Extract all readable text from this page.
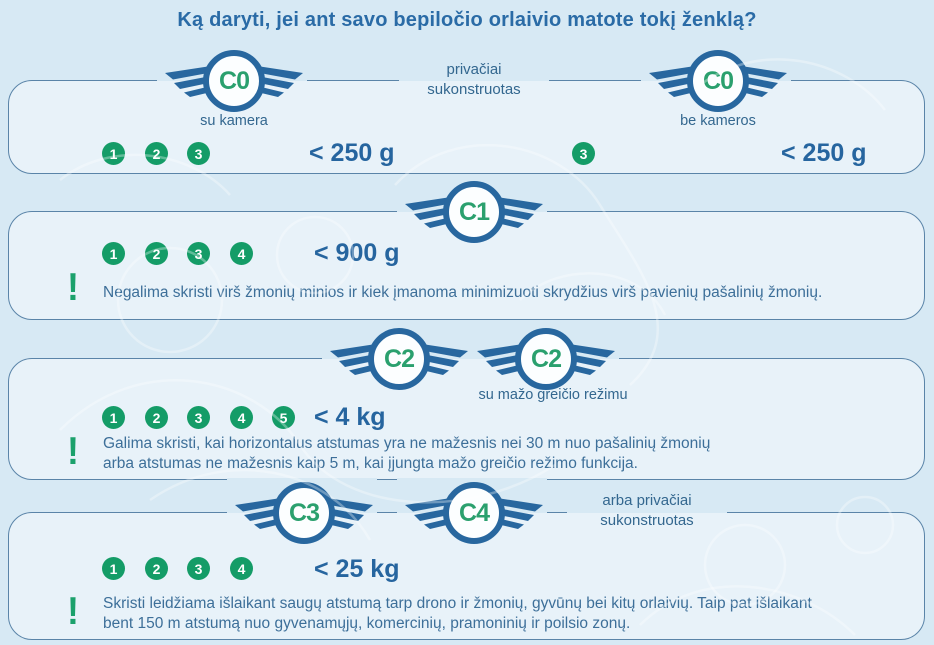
Ką daryti, jei ant savo bepiločio orlaivio matote tokį ženklą?
C0	privačiai sukonstruotas	C0
su kamera	be kameros
1	2	3	< 250 g	3	< 250 g
C1
1	2	3	4	< 900 g
! Negalima skristi virš žmonių minios ir kiek įmanoma minimizuoti skrydžius virš pavienių pašalinių žmonių.
C2	C2
su mažo greičio režimu
1	2	3	4	5	< 4 kg
! Galima skristi, kai horizontalus atstumas yra ne mažesnis nei 30 m nuo pašalinių žmonių
arba atstumas ne mažesnis kaip 5 m, kai įjungta mažo greičio režimo funkcija.
C3	C4	arba privačiai sukonstruotas
1	2	3	4	< 25 kg
! Skristi leidžiama išlaikant saugų atstumą tarp drono ir žmonių, gyvūnų bei kitų orlaivių. Taip pat išlaikant
bent 150 m atstumą nuo gyvenamųjų, komercinių, pramoninių ir poilsio zonų.
